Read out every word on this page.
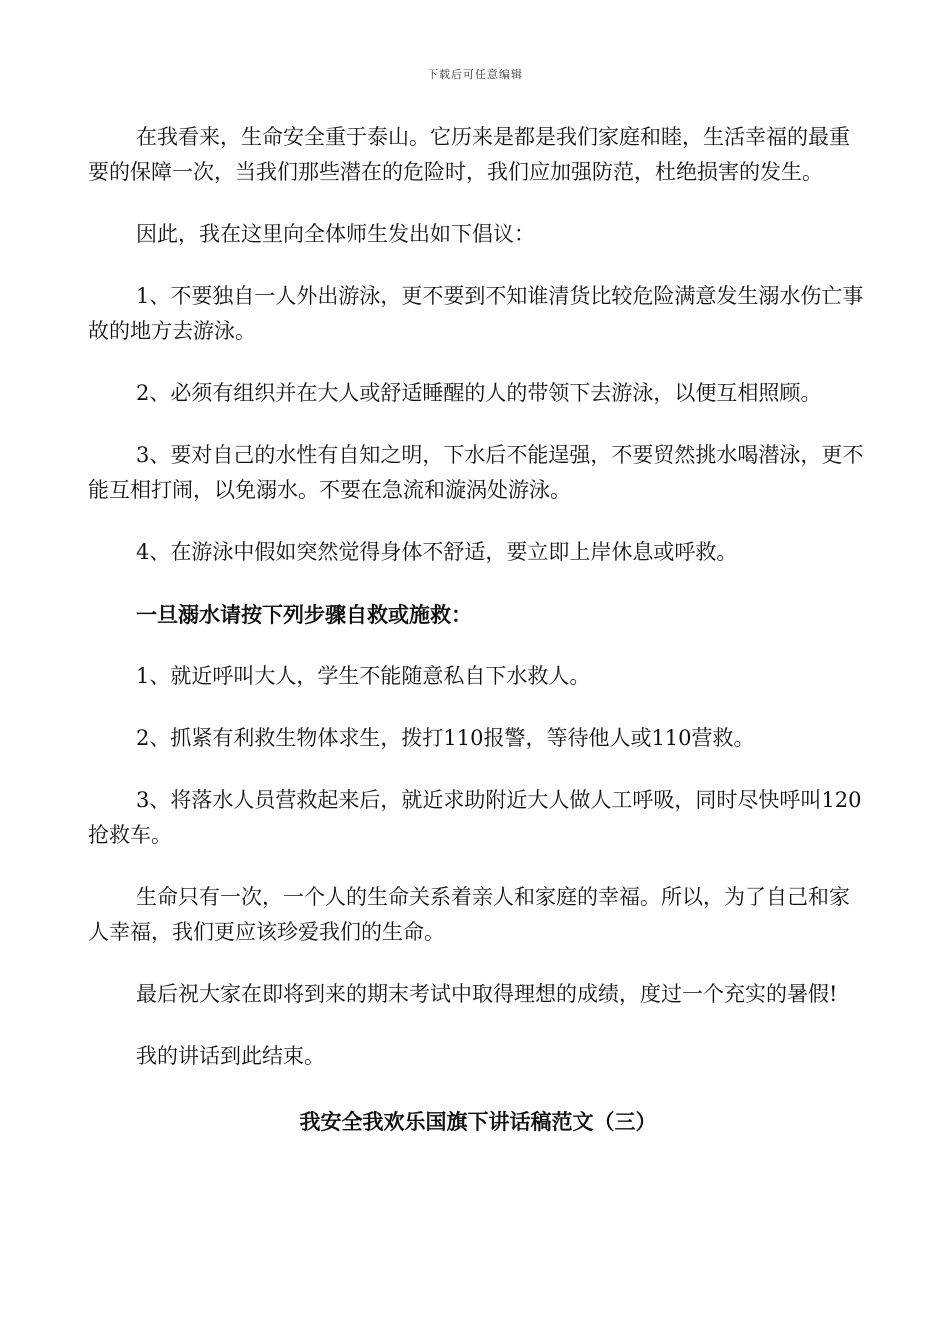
下载后可任意编辑

在我看来，生命安全重于泰山。它历来是都是我们家庭和睦，生活幸福的最重要的保障一次，当我们那些潜在的危险时，我们应加强防范，杜绝损害的发生。

因此，我在这里向全体师生发出如下倡议：

1、不要独自一人外出游泳，更不要到不知谁清货比较危险满意发生溺水伤亡事故的地方去游泳。

2、必须有组织并在大人或舒适睡醒的人的带领下去游泳，以便互相照顾。

3、要对自己的水性有自知之明，下水后不能逞强，不要贸然挑水喝潜泳，更不能互相打闹，以免溺水。不要在急流和漩涡处游泳。

4、在游泳中假如突然觉得身体不舒适，要立即上岸休息或呼救。

一旦溺水请按下列步骤自救或施救：

1、就近呼叫大人，学生不能随意私自下水救人。

2、抓紧有利救生物体求生，拨打110报警，等待他人或110营救。

3、将落水人员营救起来后，就近求助附近大人做人工呼吸，同时尽快呼叫120抢救车。

生命只有一次，一个人的生命关系着亲人和家庭的幸福。所以，为了自己和家人幸福，我们更应该珍爱我们的生命。

最后祝大家在即将到来的期末考试中取得理想的成绩，度过一个充实的暑假!

我的讲话到此结束。

我安全我欢乐国旗下讲话稿范文（三）
